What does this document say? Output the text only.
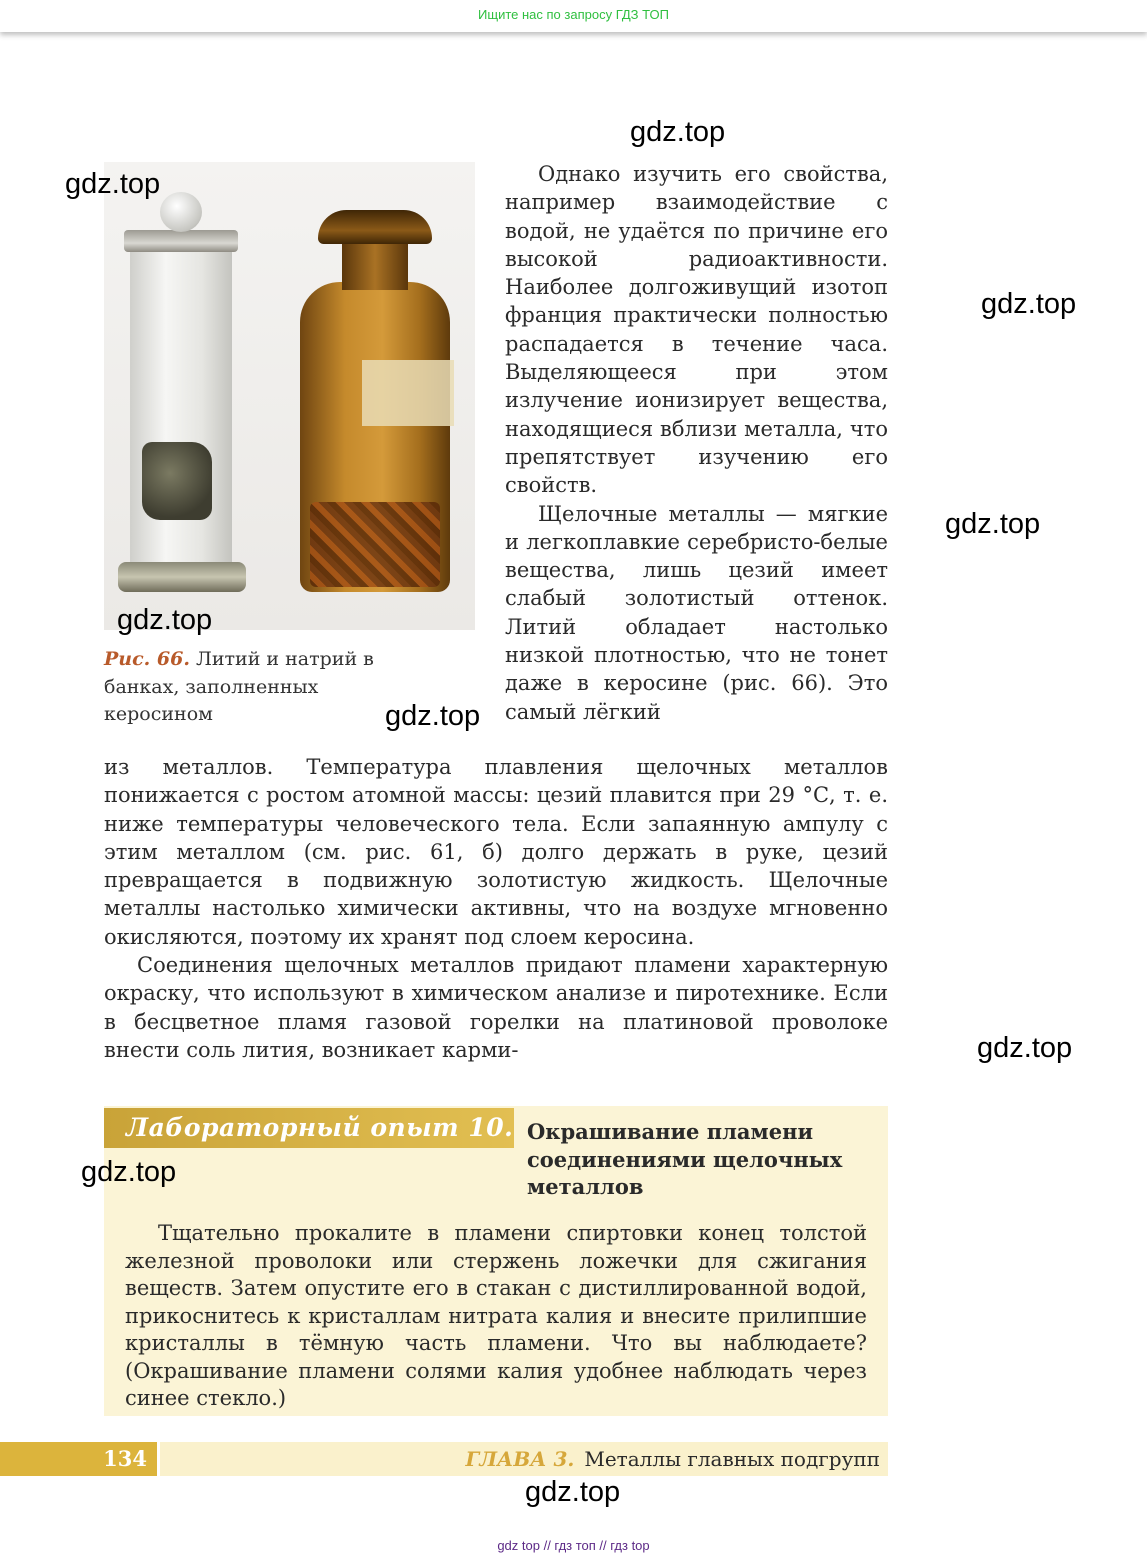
Ищите нас по запросу ГДЗ ТОП
Рис. 66. Литий и натрий в банках, заполненных керосином

Однако изучить его свойства, например взаимодействие с водой, не удаётся по причине его высокой радиоактивности. Наиболее долгоживущий изотоп франция практически полностью распадается в течение часа. Выделяющееся при этом излучение ионизирует вещества, находящиеся вблизи металла, что препятствует изучению его свойств.

Щелочные металлы — мягкие и легкоплавкие серебристо-белые вещества, лишь цезий имеет слабый золотистый оттенок. Литий обладает настолько низкой плотностью, что не тонет даже в керосине (рис. 66). Это самый лёгкий

из металлов. Температура плавления щелочных металлов понижается с ростом атомной массы: цезий плавится при 29 °С, т. е. ниже температуры человеческого тела. Если запаянную ампулу с этим металлом (см. рис. 61, б) долго держать в руке, цезий превращается в подвижную золотистую жидкость. Щелочные металлы настолько химически активны, что на воздухе мгновенно окисляются, поэтому их хранят под слоем керосина.

Соединения щелочных металлов придают пламени характерную окраску, что используют в химическом анализе и пиротехнике. Если в бесцветное пламя газовой горелки на платиновой проволоке внести соль лития, возникает карми-

Лабораторный опыт 10. Окрашивание пламени соединениями щелочных металлов

Тщательно прокалите в пламени спиртовки конец толстой железной проволоки или стержень ложечки для сжигания веществ. Затем опустите его в стакан с дистиллированной водой, прикоснитесь к кристаллам нитрата калия и внесите прилипшие кристаллы в тёмную часть пламени. Что вы наблюдаете? (Окрашивание пламени солями калия удобнее наблюдать через синее стекло.)

134	ГЛАВА 3. Металлы главных подгрупп
gdz.top
gdz.top
gdz.top
gdz.top
gdz.top
gdz.top
gdz.top
gdz.top
gdz.top
gdz top // гдз топ // гдз top
